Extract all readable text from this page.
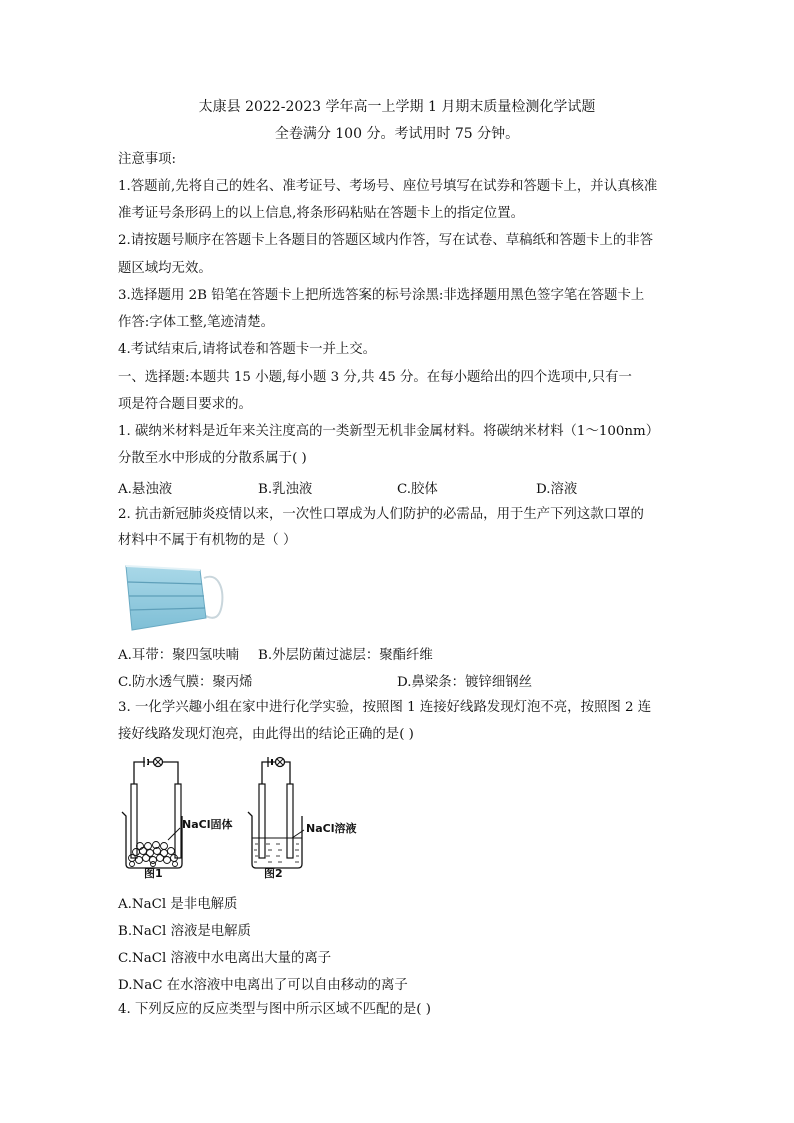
太康县 2022-2023 学年高一上学期 1 月期末质量检测化学试题
全卷满分 100 分。考试用时 75 分钟。
注意事项:
1.答题前,先将自己的姓名、准考证号、考场号、座位号填写在试券和答题卡上，并认真核准
准考证号条形码上的以上信息,将条形码粘贴在答题卡上的指定位置。
2.请按题号顺序在答题卡上各题目的答题区域内作答，写在试卷、草稿纸和答题卡上的非答
题区域均无效。
3.选择题用 2B 铅笔在答题卡上把所选答案的标号涂黑:非选择题用黑色签字笔在答题卡上
作答:字体工整,笔迹清楚。
4.考试结束后,请将试卷和答题卡一并上交。
一、选择题:本题共 15 小题,每小题 3 分,共 45 分。在每小题给出的四个选项中,只有一
项是符合题目要求的。
1. 碳纳米材料是近年来关注度高的一类新型无机非金属材料。将碳纳米材料（1～100nm）
分散至水中形成的分散系属于( )
A.悬浊液	B.乳浊液	C.胶体	D.溶液
2. 抗击新冠肺炎疫情以来，一次性口罩成为人们防护的必需品，用于生产下列这款口罩的
材料中不属于有机物的是（ ）
A.耳带：聚四氢呋喃 B.外层防菌过滤层：聚酯纤维
C.防水透气膜：聚丙烯	D.鼻梁条：镀锌细钢丝
3. 一化学兴趣小组在家中进行化学实验，按照图 1 连接好线路发现灯泡不亮，按照图 2 连
接好线路发现灯泡亮，由此得出的结论正确的是( )
NaCl固体
图1
NaCl溶液
图2
A.NaCl 是非电解质
B.NaCl 溶液是电解质
C.NaCl 溶液中水电离出大量的离子
D.NaC 在水溶液中电离出了可以自由移动的离子
4. 下列反应的反应类型与图中所示区域不匹配的是( )
